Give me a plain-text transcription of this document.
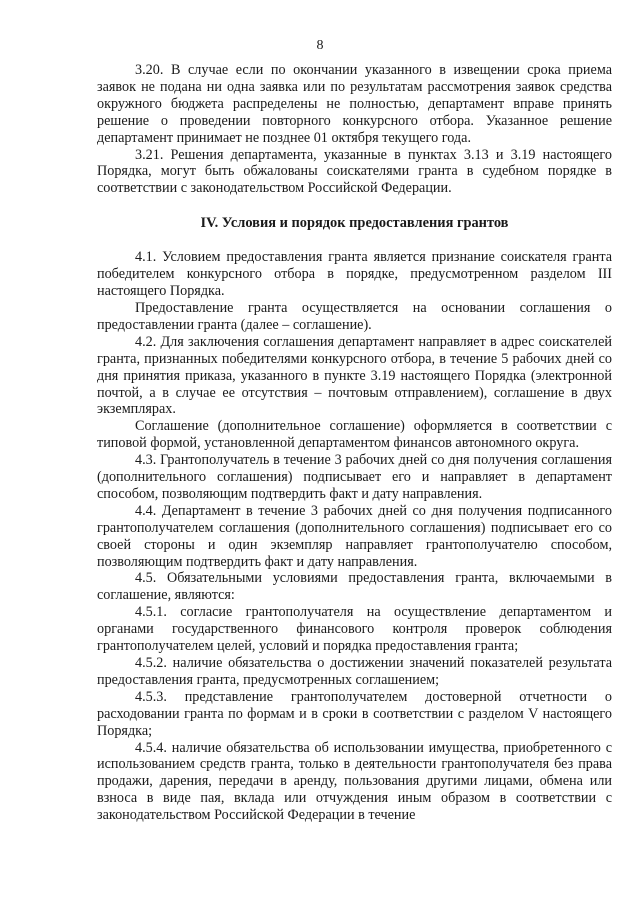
8

3.20. В случае если по окончании указанного в извещении срока приема заявок не подана ни одна заявка или по результатам рассмотрения заявок средства окружного бюджета распределены не полностью, департамент вправе принять решение о проведении повторного конкурсного отбора. Указанное решение департамент принимает не позднее 01 октября текущего года.

3.21. Решения департамента, указанные в пунктах 3.13 и 3.19 настоящего Порядка, могут быть обжалованы соискателями гранта в судебном порядке в соответствии с законодательством Российской Федерации.

IV. Условия и порядок предоставления грантов

4.1. Условием предоставления гранта является признание соискателя гранта победителем конкурсного отбора в порядке, предусмотренном разделом III настоящего Порядка.

Предоставление гранта осуществляется на основании соглашения о предоставлении гранта (далее – соглашение).

4.2. Для заключения соглашения департамент направляет в адрес соискателей гранта, признанных победителями конкурсного отбора, в течение 5 рабочих дней со дня принятия приказа, указанного в пункте 3.19 настоящего Порядка (электронной почтой, а в случае ее отсутствия – почтовым отправлением), соглашение в двух экземплярах.

Соглашение (дополнительное соглашение) оформляется в соответствии с типовой формой, установленной департаментом финансов автономного округа.

4.3. Грантополучатель в течение 3 рабочих дней со дня получения соглашения (дополнительного соглашения) подписывает его и направляет в департамент способом, позволяющим подтвердить факт и дату направления.

4.4. Департамент в течение 3 рабочих дней со дня получения подписанного грантополучателем соглашения (дополнительного соглашения) подписывает его со своей стороны и один экземпляр направляет грантополучателю способом, позволяющим подтвердить факт и дату направления.

4.5. Обязательными условиями предоставления гранта, включаемыми в соглашение, являются:

4.5.1. согласие грантополучателя на осуществление департаментом и органами государственного финансового контроля проверок соблюдения грантополучателем целей, условий и порядка предоставления гранта;

4.5.2. наличие обязательства о достижении значений показателей результата предоставления гранта, предусмотренных соглашением;

4.5.3. представление грантополучателем достоверной отчетности о расходовании гранта по формам и в сроки в соответствии с разделом V настоящего Порядка;

4.5.4. наличие обязательства об использовании имущества, приобретенного с использованием средств гранта, только в деятельности грантополучателя без права продажи, дарения, передачи в аренду, пользования другими лицами, обмена или взноса в виде пая, вклада или отчуждения иным образом в соответствии с законодательством Российской Федерации в течение
